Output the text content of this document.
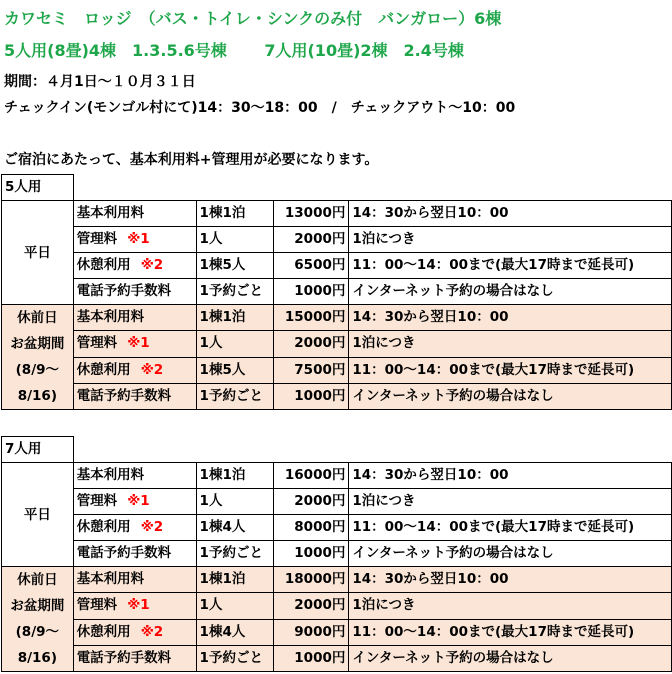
カワセミ　ロッジ　（バス・トイレ・シンクのみ付　バンガロー）6棟
5人用(8畳)4棟　1.3.5.6号棟　　 7人用(10畳)2棟　2.4号棟
期間：４月1日～１０月３１日
チェックイン(モンゴル村にて)14：30～18：00　/　チェックアウト～10：00
ご宿泊にあたって、基本利用料+管理用が必要になります。
5人用				
平日	基本利用料	1棟1泊	13000円	14：30から翌日10：00
	管理料 ※1	1人	2000円	1泊につき
	休憩利用 ※2	1棟5人	6500円	11：00～14：00まで(最大17時まで延長可)
	電話予約手数料	1予約ごと	1000円	インターネット予約の場合はなし
休前日
お盆期間
(8/9～
8/16)	基本利用料	1棟1泊	15000円	14：30から翌日10：00
	管理料 ※1	1人	2000円	1泊につき
	休憩利用 ※2	1棟5人	7500円	11：00～14：00まで(最大17時まで延長可)
	電話予約手数料	1予約ごと	1000円	インターネット予約の場合はなし
7人用				
平日	基本利用料	1棟1泊	16000円	14：30から翌日10：00
	管理料 ※1	1人	2000円	1泊につき
	休憩利用 ※2	1棟4人	8000円	11：00～14：00まで(最大17時まで延長可)
	電話予約手数料	1予約ごと	1000円	インターネット予約の場合はなし
休前日
お盆期間
(8/9～
8/16)	基本利用料	1棟1泊	18000円	14：30から翌日10：00
	管理料 ※1	1人	2000円	1泊につき
	休憩利用 ※2	1棟4人	9000円	11：00～14：00まで(最大17時まで延長可)
	電話予約手数料	1予約ごと	1000円	インターネット予約の場合はなし
